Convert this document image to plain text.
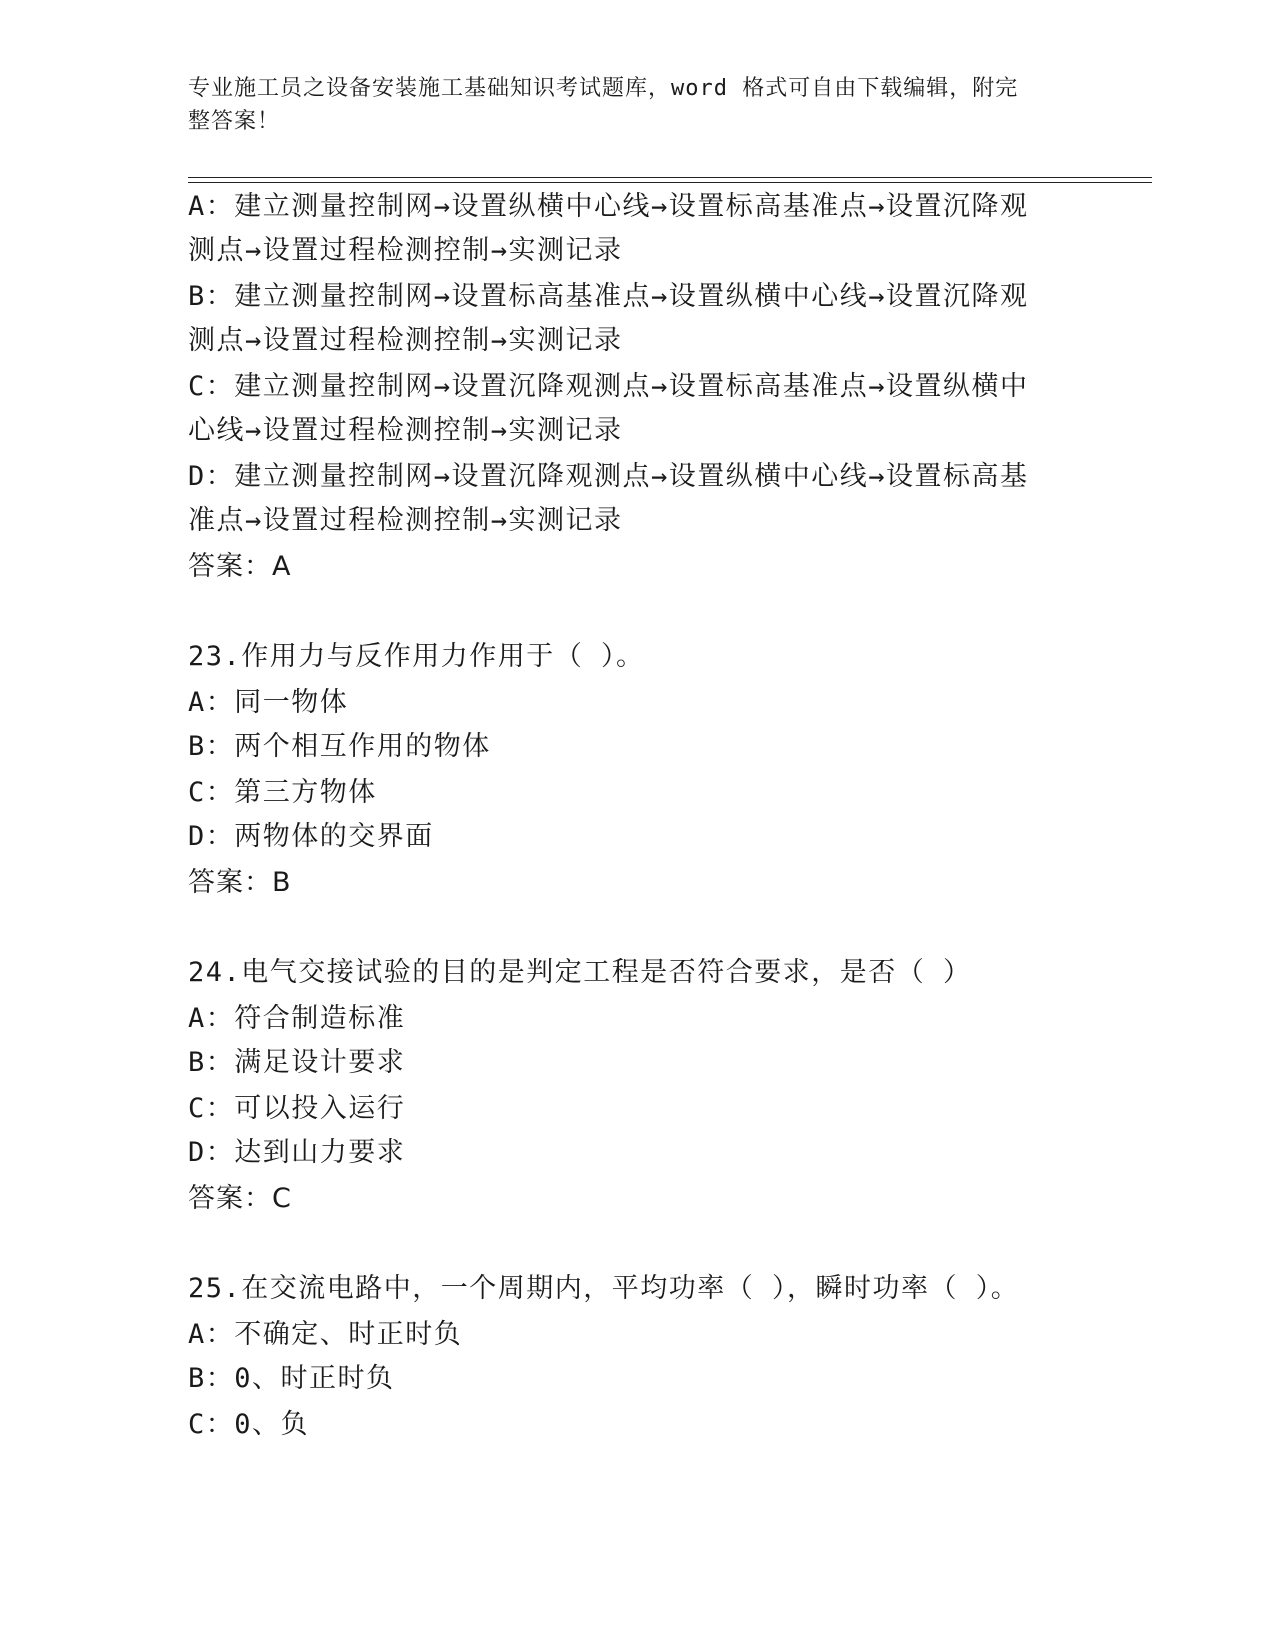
专业施工员之设备安装施工基础知识考试题库，word 格式可自由下载编辑，附完
整答案！
A：建立测量控制网→设置纵横中心线→设置标高基准点→设置沉降观
测点→设置过程检测控制→实测记录
B：建立测量控制网→设置标高基准点→设置纵横中心线→设置沉降观
测点→设置过程检测控制→实测记录
C：建立测量控制网→设置沉降观测点→设置标高基准点→设置纵横中
心线→设置过程检测控制→实测记录
D：建立测量控制网→设置沉降观测点→设置纵横中心线→设置标高基
准点→设置过程检测控制→实测记录
答案：A
23.作用力与反作用力作用于（ ）。
A：同一物体
B：两个相互作用的物体
C：第三方物体
D：两物体的交界面
答案：B
24.电气交接试验的目的是判定工程是否符合要求，是否（ ）
A：符合制造标准
B：满足设计要求
C：可以投入运行
D：达到山力要求
答案：C
25.在交流电路中，一个周期内，平均功率（ ），瞬时功率（ ）。
A：不确定、时正时负
B：0、时正时负
C：0、负
